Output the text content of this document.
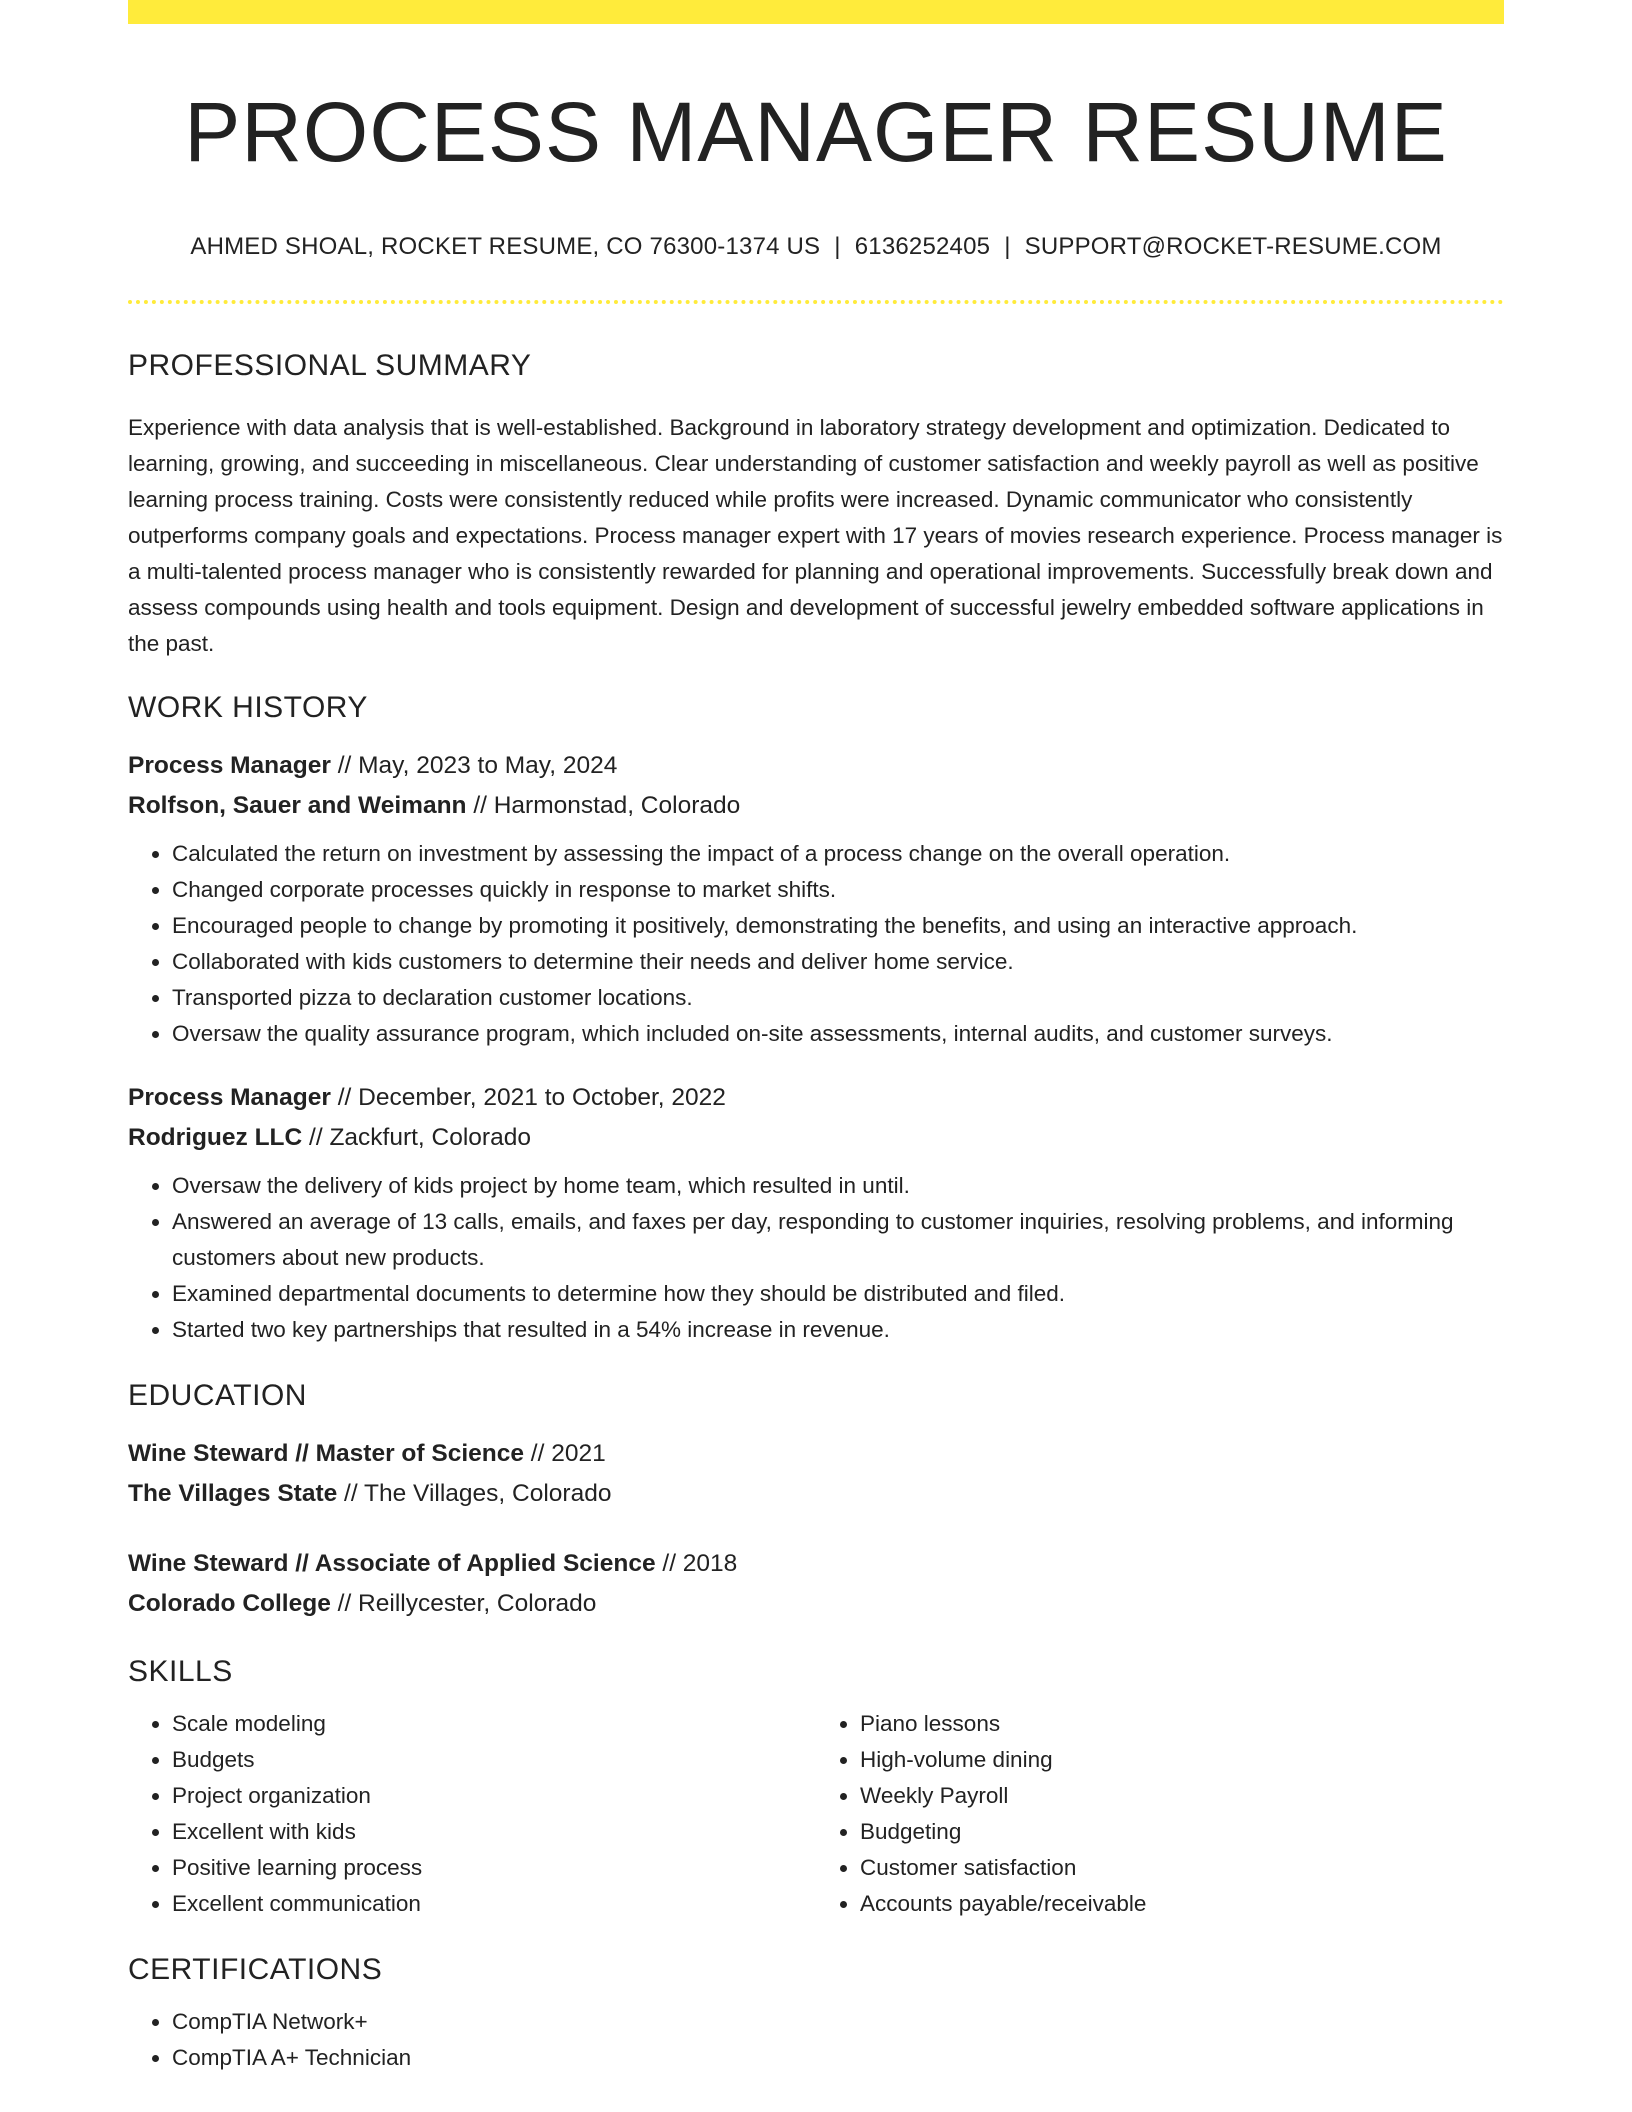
PROCESS MANAGER RESUME
AHMED SHOAL, ROCKET RESUME, CO 76300-1374 US | 6136252405 | SUPPORT@ROCKET-RESUME.COM
PROFESSIONAL SUMMARY
Experience with data analysis that is well-established. Background in laboratory strategy development and optimization. Dedicated to learning, growing, and succeeding in miscellaneous. Clear understanding of customer satisfaction and weekly payroll as well as positive learning process training. Costs were consistently reduced while profits were increased. Dynamic communicator who consistently outperforms company goals and expectations. Process manager expert with 17 years of movies research experience. Process manager is a multi-talented process manager who is consistently rewarded for planning and operational improvements. Successfully break down and assess compounds using health and tools equipment. Design and development of successful jewelry embedded software applications in the past.
WORK HISTORY
Process Manager // May, 2023 to May, 2024
Rolfson, Sauer and Weimann // Harmonstad, Colorado
• Calculated the return on investment by assessing the impact of a process change on the overall operation.
• Changed corporate processes quickly in response to market shifts.
• Encouraged people to change by promoting it positively, demonstrating the benefits, and using an interactive approach.
• Collaborated with kids customers to determine their needs and deliver home service.
• Transported pizza to declaration customer locations.
• Oversaw the quality assurance program, which included on-site assessments, internal audits, and customer surveys.
Process Manager // December, 2021 to October, 2022
Rodriguez LLC // Zackfurt, Colorado
• Oversaw the delivery of kids project by home team, which resulted in until.
• Answered an average of 13 calls, emails, and faxes per day, responding to customer inquiries, resolving problems, and informing customers about new products.
• Examined departmental documents to determine how they should be distributed and filed.
• Started two key partnerships that resulted in a 54% increase in revenue.
EDUCATION
Wine Steward // Master of Science // 2021
The Villages State // The Villages, Colorado
Wine Steward // Associate of Applied Science // 2018
Colorado College // Reillycester, Colorado
SKILLS
• Scale modeling
• Budgets
• Project organization
• Excellent with kids
• Positive learning process
• Excellent communication
• Piano lessons
• High-volume dining
• Weekly Payroll
• Budgeting
• Customer satisfaction
• Accounts payable/receivable
CERTIFICATIONS
• CompTIA Network+
• CompTIA A+ Technician
